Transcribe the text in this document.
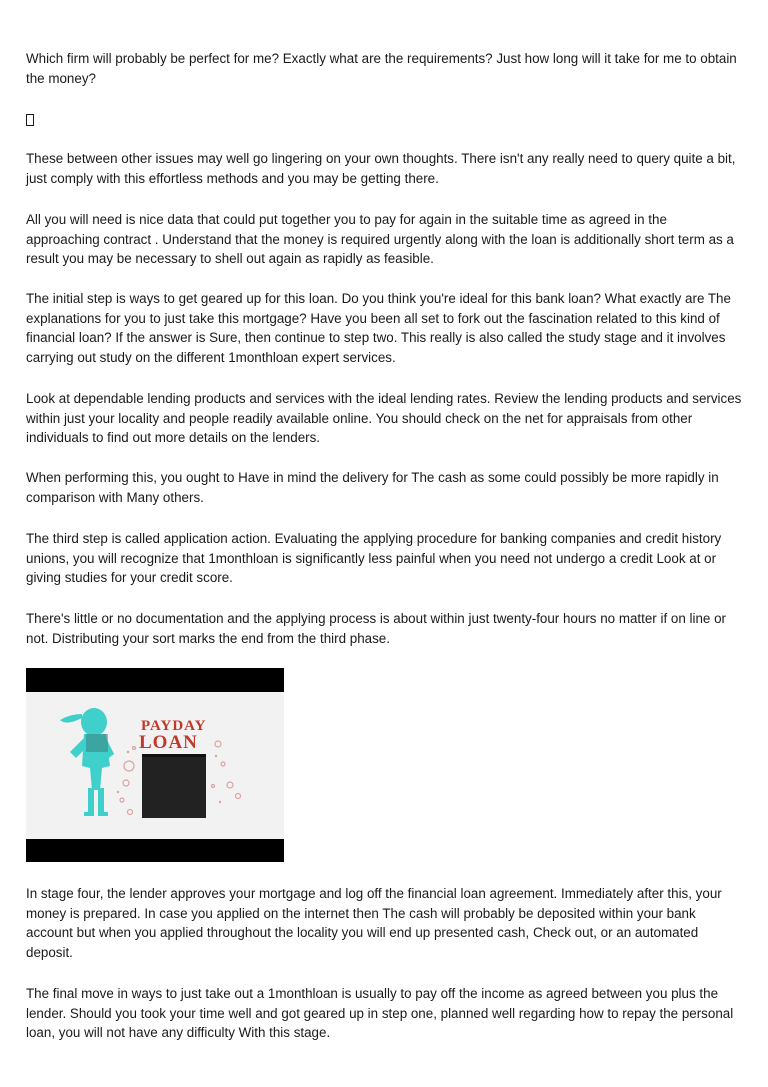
Which firm will probably be perfect for me? Exactly what are the requirements? Just how long will it take for me to obtain the money?

These between other issues may well go lingering on your own thoughts. There isn't any really need to query quite a bit, just comply with this effortless methods and you may be getting there.

All you will need is nice data that could put together you to pay for again in the suitable time as agreed in the approaching contract . Understand that the money is required urgently along with the loan is additionally short term as a result you may be necessary to shell out again as rapidly as feasible.

The initial step is ways to get geared up for this loan. Do you think you're ideal for this bank loan? What exactly are The explanations for you to just take this mortgage? Have you been all set to fork out the fascination related to this kind of financial loan? If the answer is Sure, then continue to step two. This really is also called the study stage and it involves carrying out study on the different 1monthloan expert services.

Look at dependable lending products and services with the ideal lending rates. Review the lending products and services within just your locality and people readily available online. You should check on the net for appraisals from other individuals to find out more details on the lenders.

When performing this, you ought to Have in mind the delivery for The cash as some could possibly be more rapidly in comparison with Many others.

The third step is called application action. Evaluating the applying procedure for banking companies and credit history unions, you will recognize that 1monthloan is significantly less painful when you need not undergo a credit Look at or giving studies for your credit score.

There's little or no documentation and the applying process is about within just twenty-four hours no matter if on line or not. Distributing your sort marks the end from the third phase.

PAYDAY
LOAN

In stage four, the lender approves your mortgage and log off the financial loan agreement. Immediately after this, your money is prepared. In case you applied on the internet then The cash will probably be deposited within your bank account but when you applied throughout the locality you will end up presented cash, Check out, or an automated deposit.

The final move in ways to just take out a 1monthloan is usually to pay off the income as agreed between you plus the lender. Should you took your time well and got geared up in step one, planned well regarding how to repay the personal loan, you will not have any difficulty With this stage.
